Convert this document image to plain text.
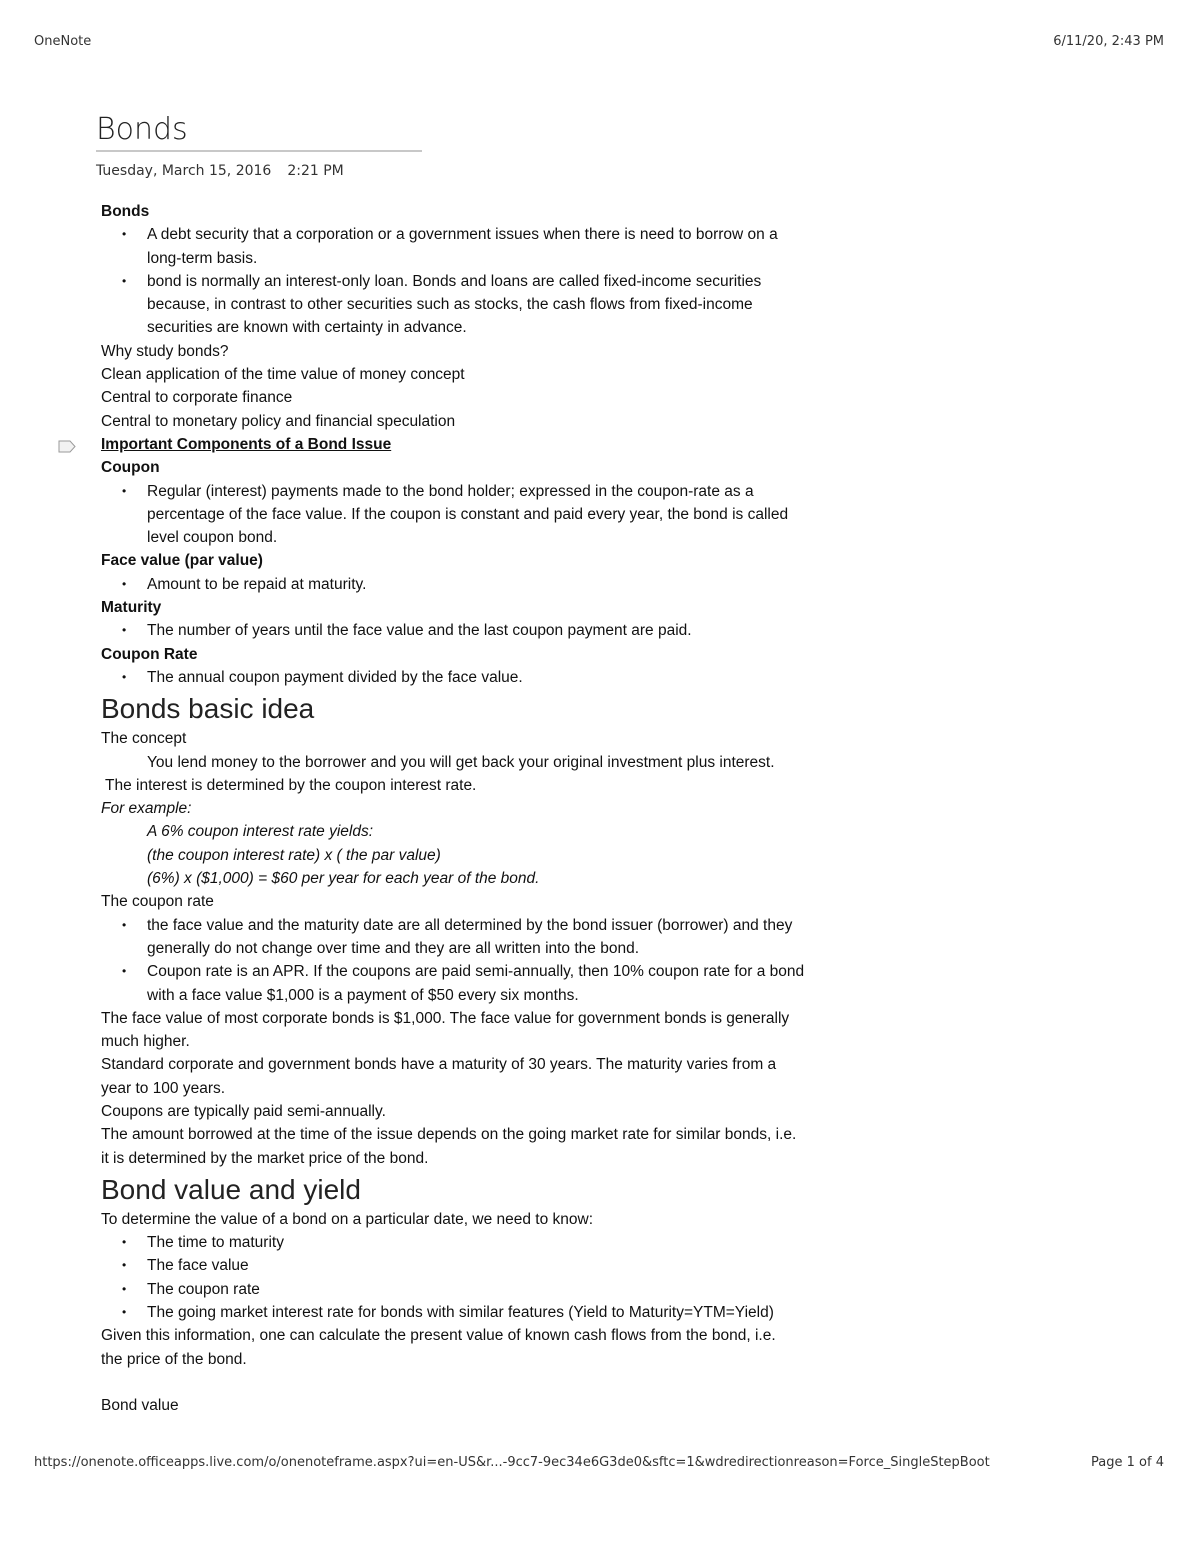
OneNote	6/11/20, 2:43 PM
Bonds
Tuesday, March 15, 2016 2:21 PM
Bonds
• A debt security that a corporation or a government issues when there is need to borrow on a
long-term basis.
• bond is normally an interest-only loan. Bonds and loans are called fixed-income securities
because, in contrast to other securities such as stocks, the cash flows from fixed-income
securities are known with certainty in advance.
Why study bonds?
Clean application of the time value of money concept
Central to corporate finance
Central to monetary policy and financial speculation
Important Components of a Bond Issue
Coupon
• Regular (interest) payments made to the bond holder; expressed in the coupon-rate as a
percentage of the face value. If the coupon is constant and paid every year, the bond is called
level coupon bond.
Face value (par value)
• Amount to be repaid at maturity.
Maturity
• The number of years until the face value and the last coupon payment are paid.
Coupon Rate
• The annual coupon payment divided by the face value.
Bonds basic idea
The concept
You lend money to the borrower and you will get back your original investment plus interest.
The interest is determined by the coupon interest rate.
For example:
A 6% coupon interest rate yields:
(the coupon interest rate) x ( the par value)
(6%) x ($1,000) = $60 per year for each year of the bond.
The coupon rate
• the face value and the maturity date are all determined by the bond issuer (borrower) and they
generally do not change over time and they are all written into the bond.
• Coupon rate is an APR. If the coupons are paid semi-annually, then 10% coupon rate for a bond
with a face value $1,000 is a payment of $50 every six months.
The face value of most corporate bonds is $1,000. The face value for government bonds is generally
much higher.
Standard corporate and government bonds have a maturity of 30 years. The maturity varies from a
year to 100 years.
Coupons are typically paid semi-annually.
The amount borrowed at the time of the issue depends on the going market rate for similar bonds, i.e.
it is determined by the market price of the bond.
Bond value and yield
To determine the value of a bond on a particular date, we need to know:
• The time to maturity
• The face value
• The coupon rate
• The going market interest rate for bonds with similar features (Yield to Maturity=YTM=Yield)
Given this information, one can calculate the present value of known cash flows from the bond, i.e.
the price of the bond.
Bond value
https://onenote.officeapps.live.com/o/onenoteframe.aspx?ui=en-US&r...-9cc7-9ec34e6G3de0&sftc=1&wdredirectionreason=Force_SingleStepBoot	Page 1 of 4
